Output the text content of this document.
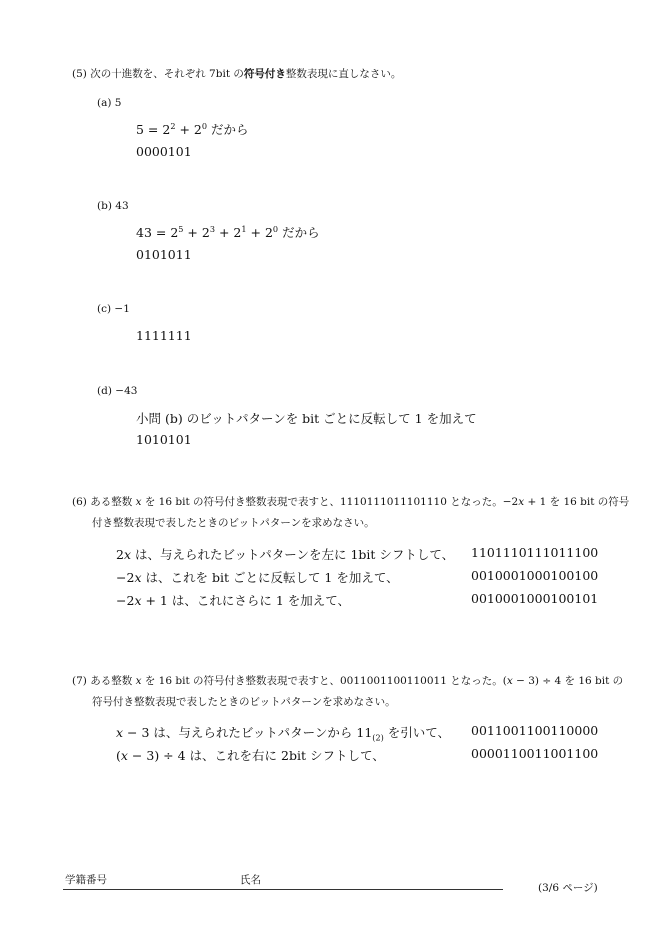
(5) 次の十進数を、それぞれ 7bit の符号付き整数表現に直しなさい。
(a) 5
$5 = 2^2 + 2^0$ だから
0000101
(b) 43
$43 = 2^5 + 2^3 + 2^1 + 2^0$ だから
0101011
(c) −1
1111111
(d) −43
小問 (b) のビットパターンを bit ごとに反転して 1 を加えて
1010101
(6) ある整数 x を 16 bit の符号付き整数表現で表すと、1110111011101110 となった。−2x + 1 を 16 bit の符号
付き整数表現で表したときのビットパターンを求めなさい。
2x は、与えられたビットパターンを左に 1bit シフトして、 1101110111011100
−2x は、これを bit ごとに反転して 1 を加えて、	0010001000100100
−2x + 1 は、これにさらに 1 を加えて、	0010001000100101
(7) ある整数 x を 16 bit の符号付き整数表現で表すと、0011001100110011 となった。(x − 3) ÷ 4 を 16 bit の
符号付き整数表現で表したときのビットパターンを求めなさい。
x − 3 は、与えられたビットパターンから $11_{(2)}$ を引いて、 0011001100110000
(x − 3) ÷ 4 は、これを右に 2bit シフトして、	0000110011001100
学籍番号	氏名
(3/6 ページ)
